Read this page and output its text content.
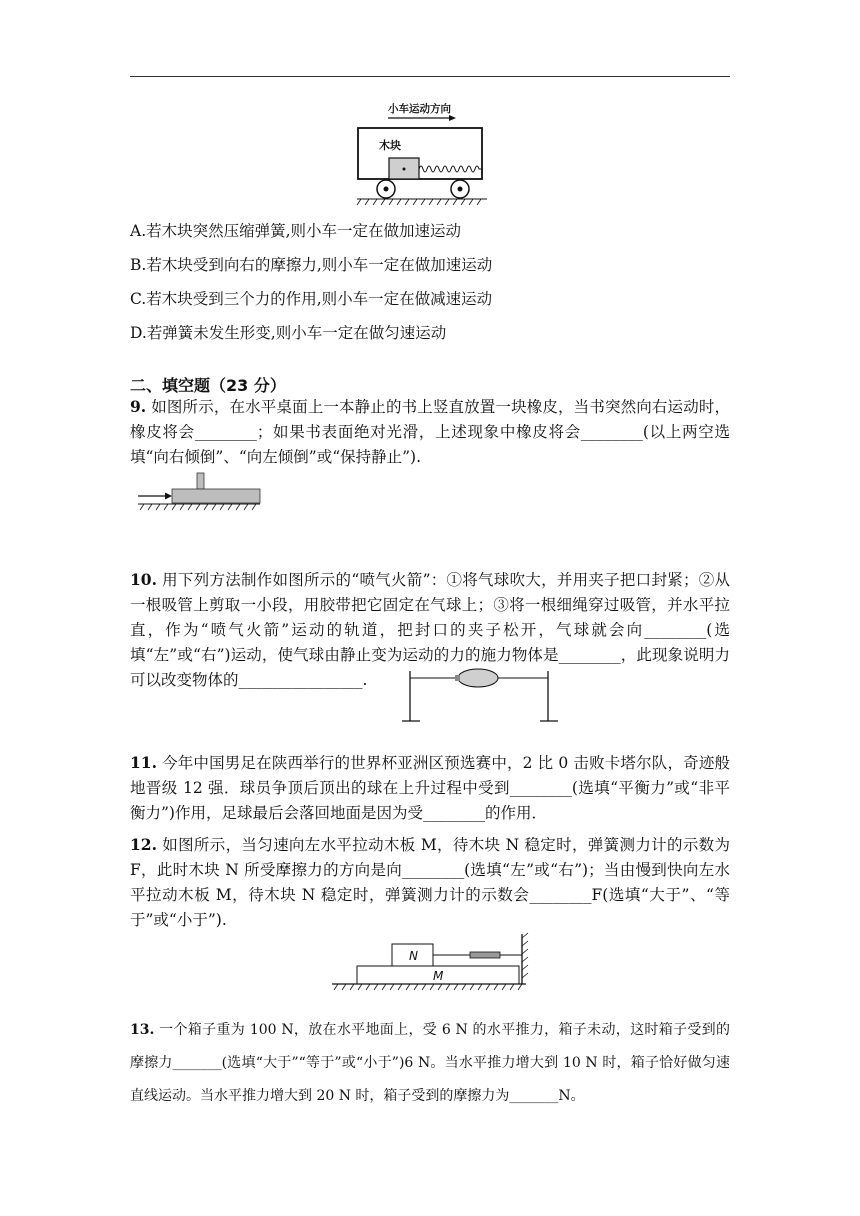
小车运动方向
木块
A.若木块突然压缩弹簧,则小车一定在做加速运动
B.若木块受到向右的摩擦力,则小车一定在做加速运动
C.若木块受到三个力的作用,则小车一定在做减速运动
D.若弹簧未发生形变,则小车一定在做匀速运动
二、填空题（23 分）
9. 如图所示，在水平桌面上一本静止的书上竖直放置一块橡皮，当书突然向右运动时，橡皮将会________；如果书表面绝对光滑，上述现象中橡皮将会________(以上两空选填“向右倾倒”、“向左倾倒”或“保持静止”).
10. 用下列方法制作如图所示的“喷气火箭”：①将气球吹大，并用夹子把口封紧；②从一根吸管上剪取一小段，用胶带把它固定在气球上；③将一根细绳穿过吸管，并水平拉直，作为“喷气火箭”运动的轨道，把封口的夹子松开，气球就会向________(选填“左”或“右”)运动，使气球由静止变为运动的力的施力物体是________，此现象说明力可以改变物体的________________.
11. 今年中国男足在陕西举行的世界杯亚洲区预选赛中，2 比 0 击败卡塔尔队，奇迹般地晋级 12 强．球员争顶后顶出的球在上升过程中受到________(选填“平衡力”或“非平衡力”)作用，足球最后会落回地面是因为受________的作用．
12. 如图所示，当匀速向左水平拉动木板 M，待木块 N 稳定时，弹簧测力计的示数为 F，此时木块 N 所受摩擦力的方向是向________(选填“左”或“右”)；当由慢到快向左水平拉动木板 M，待木块 N 稳定时，弹簧测力计的示数会________F(选填“大于”、“等于”或“小于”).
N
M
13. 一个箱子重为 100 N，放在水平地面上，受 6 N 的水平推力，箱子未动，这时箱子受到的摩擦力_______(选填“大于”“等于”或“小于”)6 N。当水平推力增大到 10 N 时，箱子恰好做匀速直线运动。当水平推力增大到 20 N 时，箱子受到的摩擦力为_______N。
